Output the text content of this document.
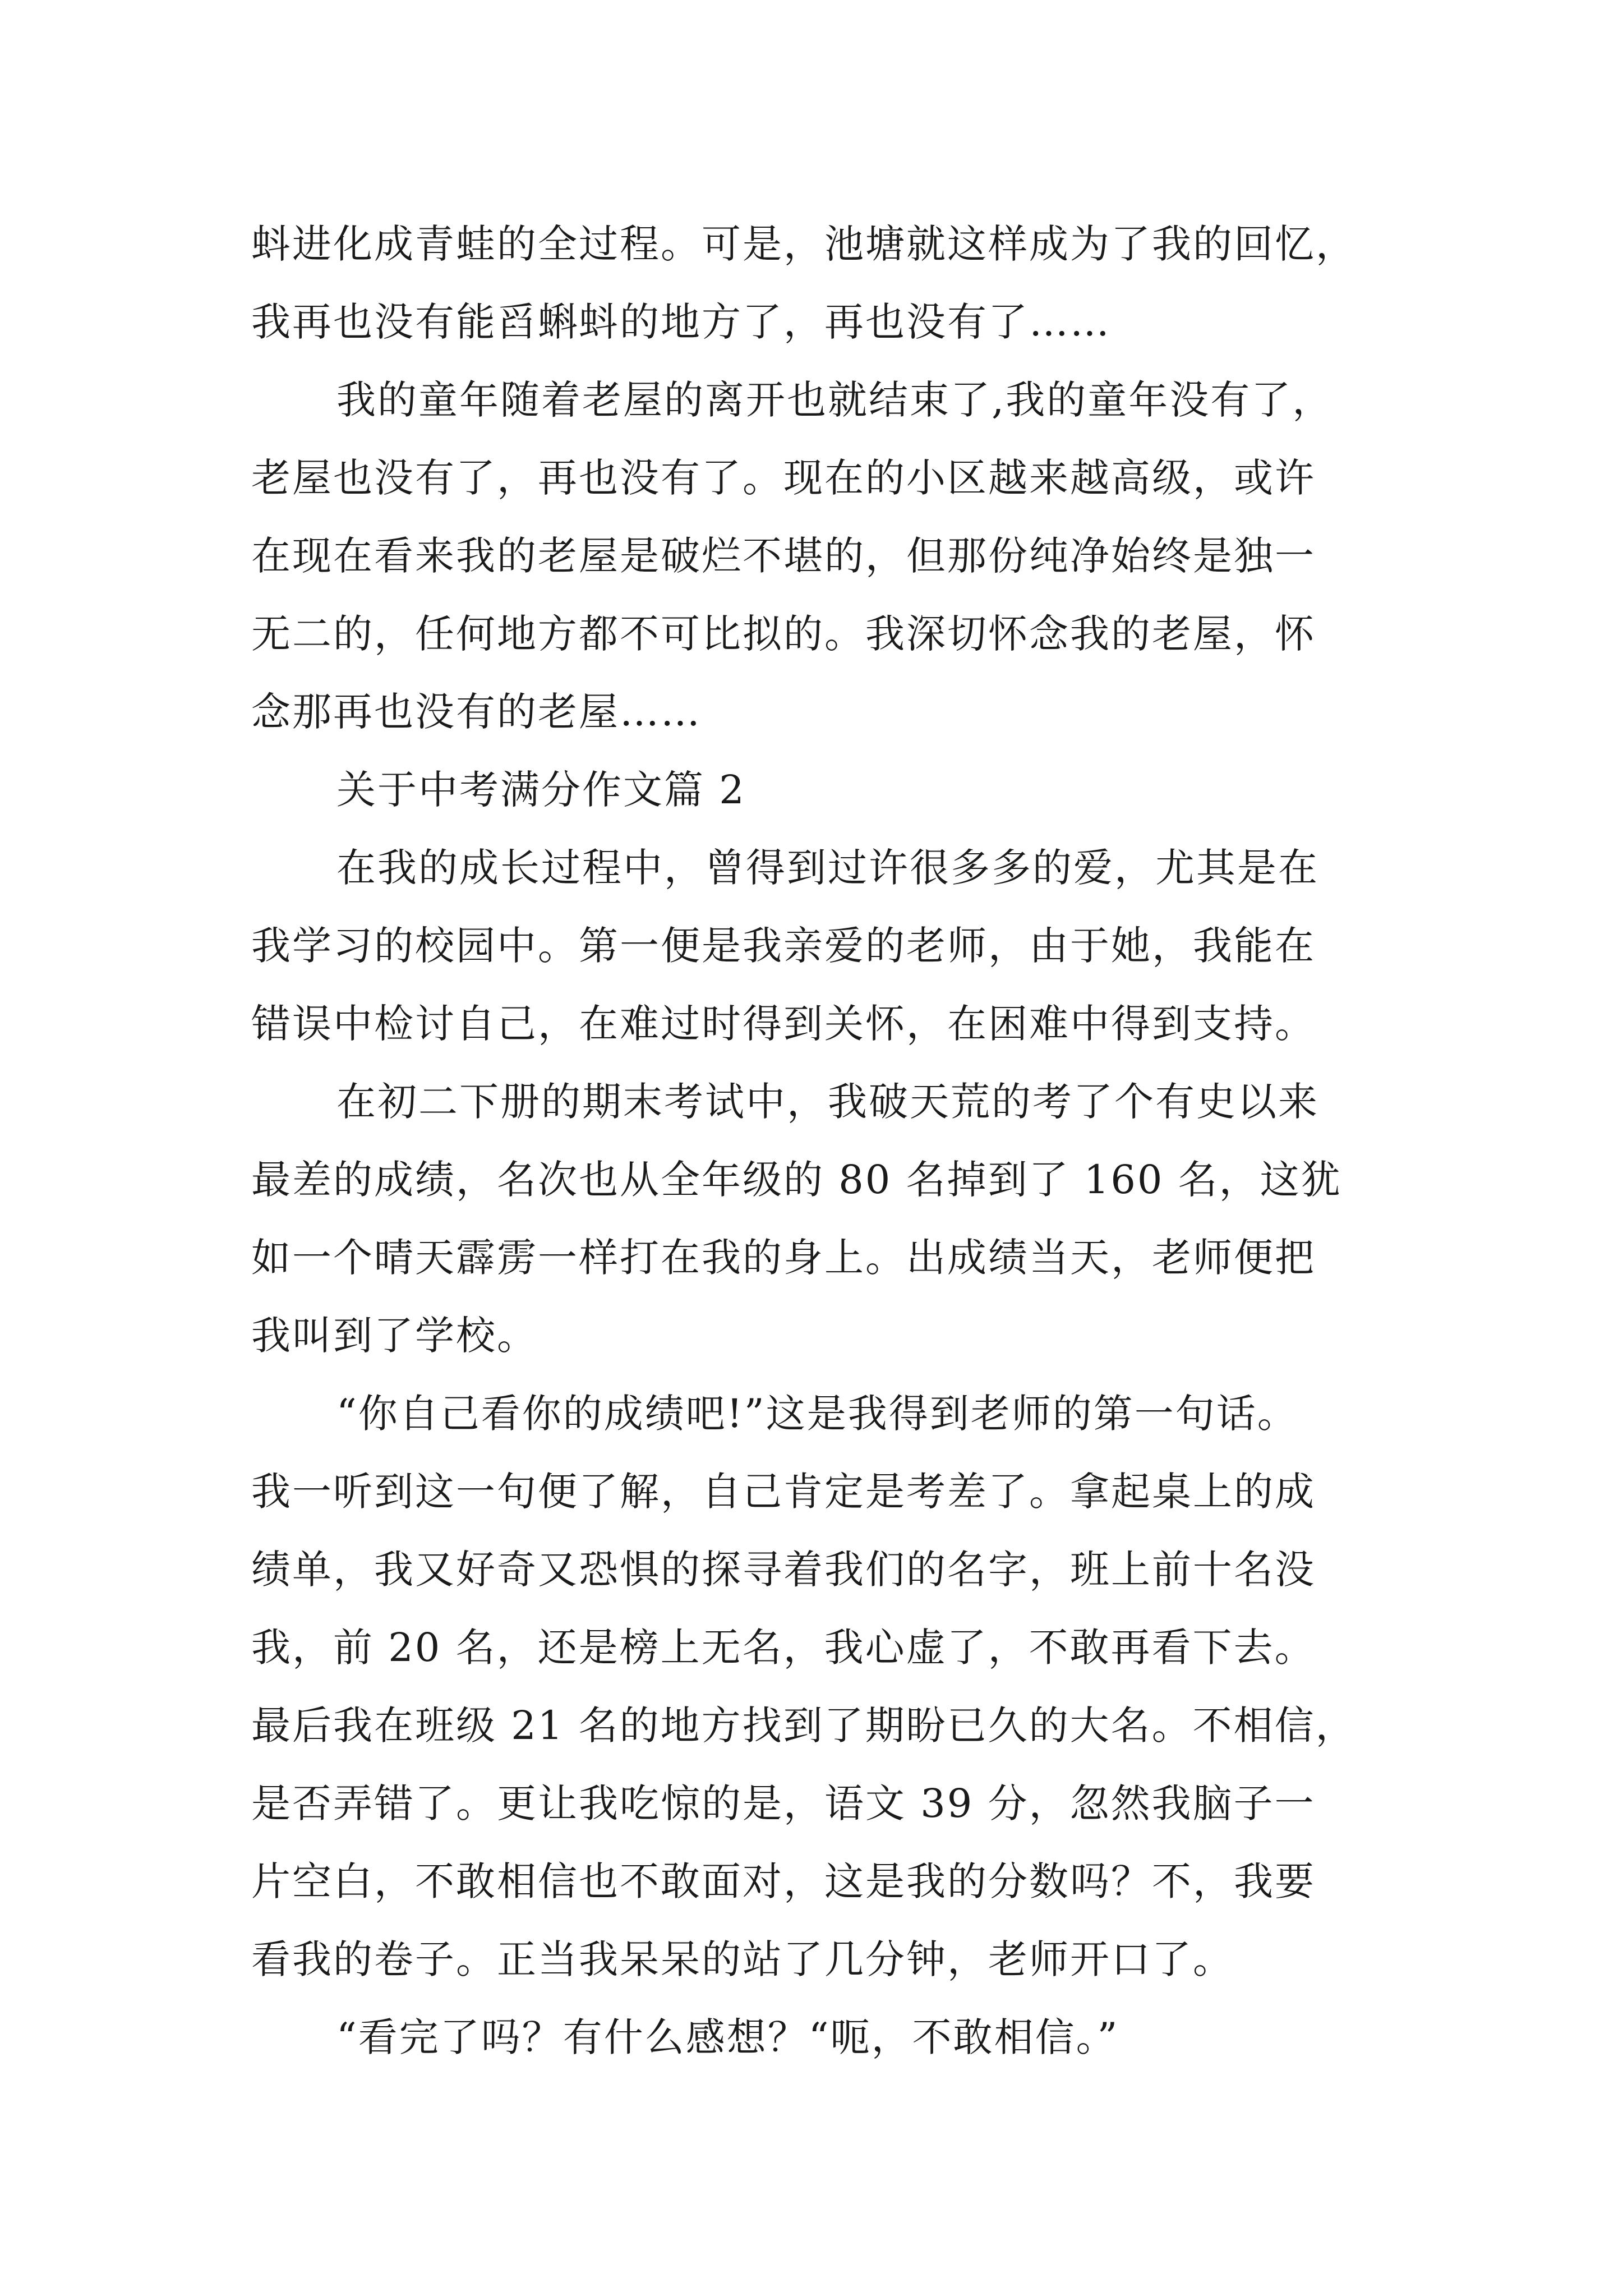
蚪进化成青蛙的全过程。可是，池塘就这样成为了我的回忆，
我再也没有能舀蝌蚪的地方了，再也没有了……
我的童年随着老屋的离开也就结束了,我的童年没有了，
老屋也没有了，再也没有了。现在的小区越来越高级，或许
在现在看来我的老屋是破烂不堪的，但那份纯净始终是独一
无二的，任何地方都不可比拟的。我深切怀念我的老屋，怀
念那再也没有的老屋……
关于中考满分作文篇 2
在我的成长过程中，曾得到过许很多多的爱，尤其是在
我学习的校园中。第一便是我亲爱的老师，由于她，我能在
错误中检讨自己，在难过时得到关怀，在困难中得到支持。
在初二下册的期末考试中，我破天荒的考了个有史以来
最差的成绩，名次也从全年级的 80 名掉到了 160 名，这犹
如一个晴天霹雳一样打在我的身上。出成绩当天，老师便把
我叫到了学校。
“你自己看你的成绩吧!”这是我得到老师的第一句话。
我一听到这一句便了解，自己肯定是考差了。拿起桌上的成
绩单，我又好奇又恐惧的探寻着我们的名字，班上前十名没
我，前 20 名，还是榜上无名，我心虚了，不敢再看下去。
最后我在班级 21 名的地方找到了期盼已久的大名。不相信，
是否弄错了。更让我吃惊的是，语文 39 分，忽然我脑子一
片空白，不敢相信也不敢面对，这是我的分数吗？不，我要
看我的卷子。正当我呆呆的站了几分钟，老师开口了。
“看完了吗？有什么感想？“呃，不敢相信。”
